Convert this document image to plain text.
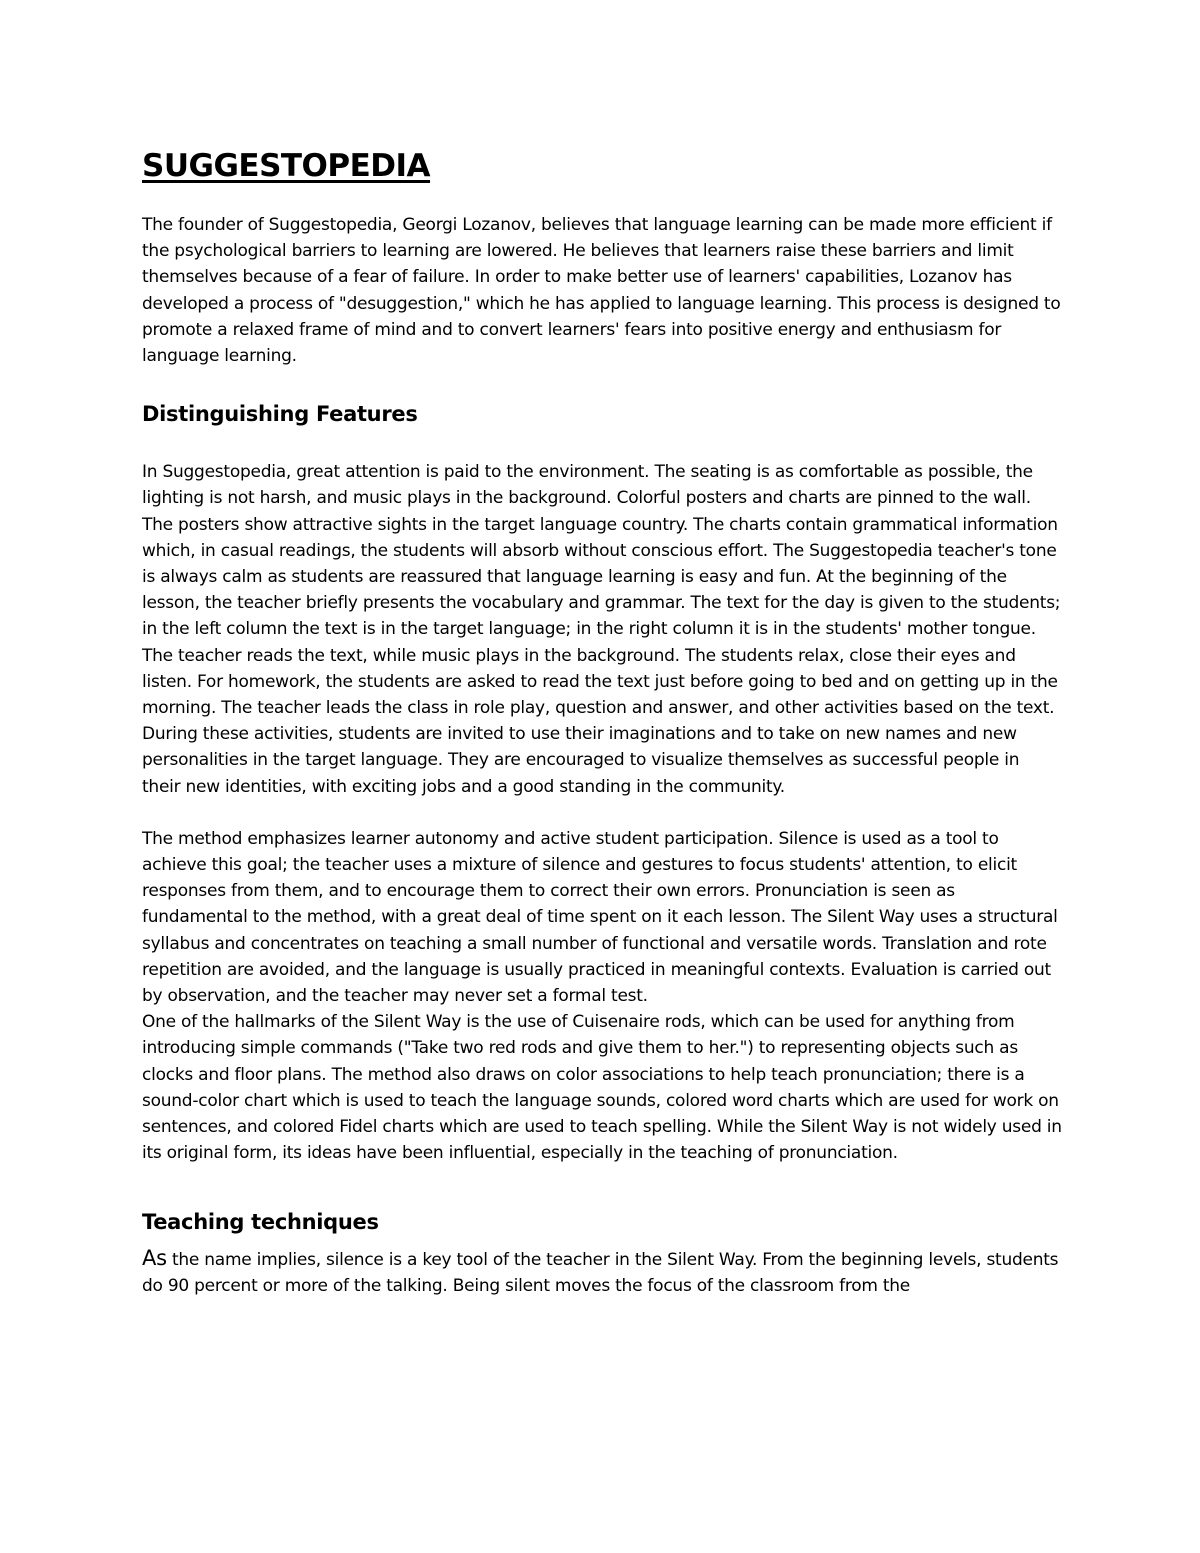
SUGGESTOPEDIA

The founder of Suggestopedia, Georgi Lozanov, believes that language learning can be made more efficient if the psychological barriers to learning are lowered. He believes that learners raise these barriers and limit themselves because of a fear of failure. In order to make better use of learners' capabilities, Lozanov has developed a process of "desuggestion," which he has applied to language learning. This process is designed to promote a relaxed frame of mind and to convert learners' fears into positive energy and enthusiasm for language learning.

Distinguishing Features

In Suggestopedia, great attention is paid to the environment. The seating is as comfortable as possible, the lighting is not harsh, and music plays in the background. Colorful posters and charts are pinned to the wall. The posters show attractive sights in the target language country. The charts contain grammatical information which, in casual readings, the students will absorb without conscious effort. The Suggestopedia teacher's tone is always calm as students are reassured that language learning is easy and fun. At the beginning of the lesson, the teacher briefly presents the vocabulary and grammar. The text for the day is given to the students; in the left column the text is in the target language; in the right column it is in the students' mother tongue. The teacher reads the text, while music plays in the background. The students relax, close their eyes and listen. For homework, the students are asked to read the text just before going to bed and on getting up in the morning. The teacher leads the class in role play, question and answer, and other activities based on the text. During these activities, students are invited to use their imaginations and to take on new names and new personalities in the target language. They are encouraged to visualize themselves as successful people in their new identities, with exciting jobs and a good standing in the community.

The method emphasizes learner autonomy and active student participation. Silence is used as a tool to achieve this goal; the teacher uses a mixture of silence and gestures to focus students' attention, to elicit responses from them, and to encourage them to correct their own errors. Pronunciation is seen as fundamental to the method, with a great deal of time spent on it each lesson. The Silent Way uses a structural syllabus and concentrates on teaching a small number of functional and versatile words. Translation and rote repetition are avoided, and the language is usually practiced in meaningful contexts. Evaluation is carried out by observation, and the teacher may never set a formal test.

One of the hallmarks of the Silent Way is the use of Cuisenaire rods, which can be used for anything from introducing simple commands ("Take two red rods and give them to her.") to representing objects such as clocks and floor plans. The method also draws on color associations to help teach pronunciation; there is a sound-color chart which is used to teach the language sounds, colored word charts which are used for work on sentences, and colored Fidel charts which are used to teach spelling. While the Silent Way is not widely used in its original form, its ideas have been influential, especially in the teaching of pronunciation.

Teaching techniques

As the name implies, silence is a key tool of the teacher in the Silent Way. From the beginning levels, students do 90 percent or more of the talking. Being silent moves the focus of the classroom from the
